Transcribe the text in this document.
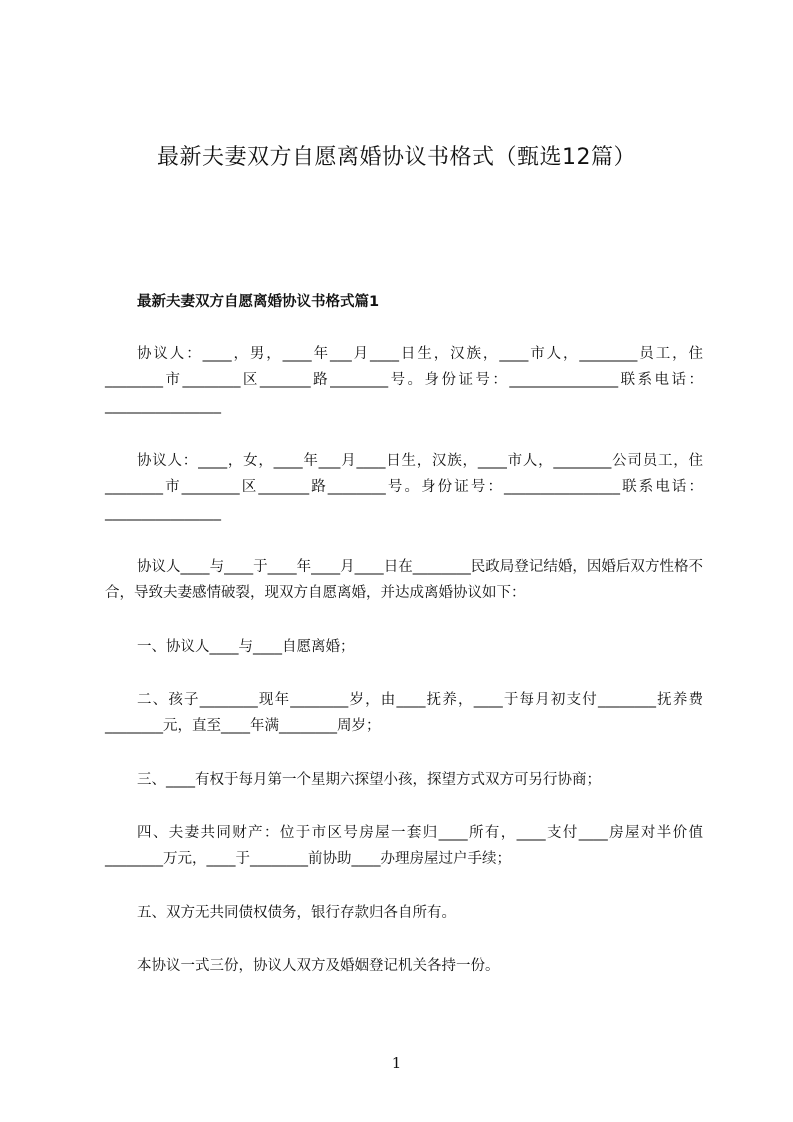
最新夫妻双方自愿离婚协议书格式（甄选12篇）
最新夫妻双方自愿离婚协议书格式篇1
协议人：____，男，____年___月____日生，汉族，____市人，________员工，住________市________区_______路________号。身份证号：_______________联系电话：________________
协议人：____，女，____年___月____日生，汉族，____市人，________公司员工，住________市________区_______路________号。身份证号：________________联系电话：________________
协议人____与____于____年____月____日在________民政局登记结婚，因婚后双方性格不合，导致夫妻感情破裂，现双方自愿离婚，并达成离婚协议如下：
一、协议人____与____自愿离婚；
二、孩子________现年________岁，由____抚养，____于每月初支付________抚养费________元，直至____年满________周岁；
三、____有权于每月第一个星期六探望小孩，探望方式双方可另行协商；
四、夫妻共同财产：位于市区号房屋一套归____所有，____支付____房屋对半价值________万元，____于________前协助____办理房屋过户手续；
五、双方无共同债权债务，银行存款归各自所有。
本协议一式三份，协议人双方及婚姻登记机关各持一份。
1
